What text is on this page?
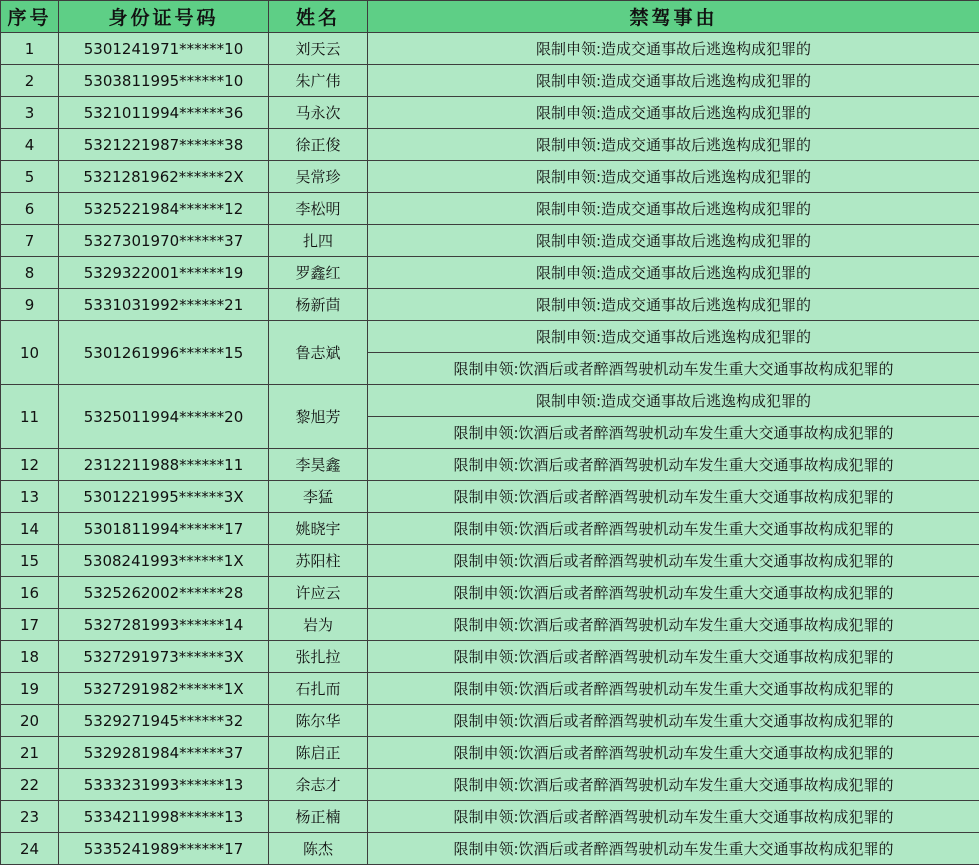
序号	身份证号码	姓名	禁驾事由
1	5301241971******10	刘天云	限制申领:造成交通事故后逃逸构成犯罪的
2	5303811995******10	朱广伟	限制申领:造成交通事故后逃逸构成犯罪的
3	5321011994******36	马永次	限制申领:造成交通事故后逃逸构成犯罪的
4	5321221987******38	徐正俊	限制申领:造成交通事故后逃逸构成犯罪的
5	5321281962******2X	吴常珍	限制申领:造成交通事故后逃逸构成犯罪的
6	5325221984******12	李松明	限制申领:造成交通事故后逃逸构成犯罪的
7	5327301970******37	扎四	限制申领:造成交通事故后逃逸构成犯罪的
8	5329322001******19	罗鑫红	限制申领:造成交通事故后逃逸构成犯罪的
9	5331031992******21	杨新茴	限制申领:造成交通事故后逃逸构成犯罪的
10	5301261996******15	鲁志斌	限制申领:造成交通事故后逃逸构成犯罪的
			限制申领:饮酒后或者醉酒驾驶机动车发生重大交通事故构成犯罪的
11	5325011994******20	黎旭芳	限制申领:造成交通事故后逃逸构成犯罪的
			限制申领:饮酒后或者醉酒驾驶机动车发生重大交通事故构成犯罪的
12	2312211988******11	李昊鑫	限制申领:饮酒后或者醉酒驾驶机动车发生重大交通事故构成犯罪的
13	5301221995******3X	李猛	限制申领:饮酒后或者醉酒驾驶机动车发生重大交通事故构成犯罪的
14	5301811994******17	姚晓宇	限制申领:饮酒后或者醉酒驾驶机动车发生重大交通事故构成犯罪的
15	5308241993******1X	苏阳柱	限制申领:饮酒后或者醉酒驾驶机动车发生重大交通事故构成犯罪的
16	5325262002******28	许应云	限制申领:饮酒后或者醉酒驾驶机动车发生重大交通事故构成犯罪的
17	5327281993******14	岩为	限制申领:饮酒后或者醉酒驾驶机动车发生重大交通事故构成犯罪的
18	5327291973******3X	张扎拉	限制申领:饮酒后或者醉酒驾驶机动车发生重大交通事故构成犯罪的
19	5327291982******1X	石扎而	限制申领:饮酒后或者醉酒驾驶机动车发生重大交通事故构成犯罪的
20	5329271945******32	陈尔华	限制申领:饮酒后或者醉酒驾驶机动车发生重大交通事故构成犯罪的
21	5329281984******37	陈启正	限制申领:饮酒后或者醉酒驾驶机动车发生重大交通事故构成犯罪的
22	5333231993******13	余志才	限制申领:饮酒后或者醉酒驾驶机动车发生重大交通事故构成犯罪的
23	5334211998******13	杨正楠	限制申领:饮酒后或者醉酒驾驶机动车发生重大交通事故构成犯罪的
24	5335241989******17	陈杰	限制申领:饮酒后或者醉酒驾驶机动车发生重大交通事故构成犯罪的
